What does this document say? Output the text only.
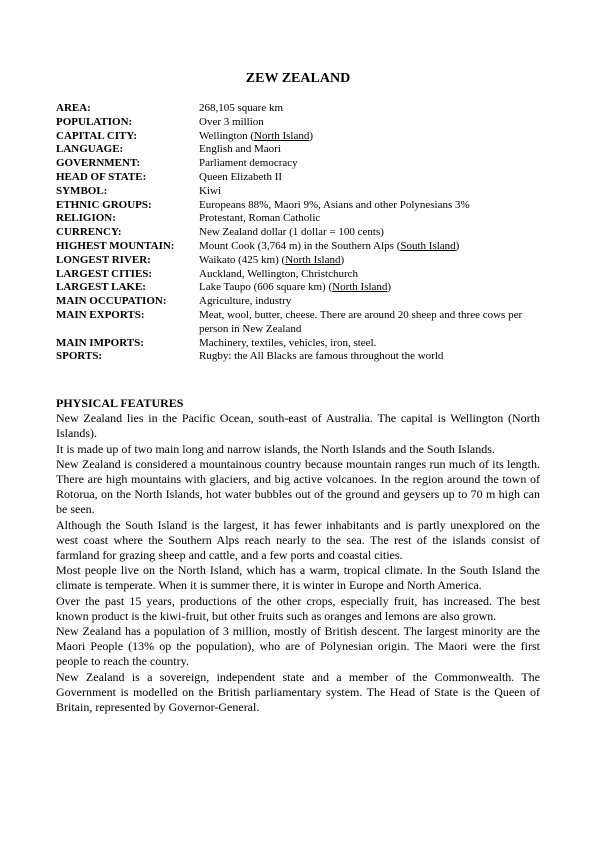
ZEW ZEALAND
AREA:	268,105 square km
POPULATION:	Over 3 million
CAPITAL CITY:	Wellington (North Island)
LANGUAGE:	English and Maori
GOVERNMENT:	Parliament democracy
HEAD OF STATE:	Queen Elizabeth II
SYMBOL:	Kiwi
ETHNIC GROUPS:	Europeans 88%, Maori 9%, Asians and other Polynesians 3%
RELIGION:	Protestant, Roman Catholic
CURRENCY:	New Zealand dollar (1 dollar = 100 cents)
HIGHEST MOUNTAIN:	Mount Cook (3,764 m) in the Southern Alps (South Island)
LONGEST RIVER:	Waikato (425 km) (North Island)
LARGEST CITIES:	Auckland, Wellington, Christchurch
LARGEST LAKE:	Lake Taupo (606 square km) (North Island)
MAIN OCCUPATION:	Agriculture, industry
MAIN EXPORTS:	Meat, wool, butter, cheese. There are around 20 sheep and three cows per person in New Zealand
MAIN IMPORTS:	Machinery, textiles, vehicles, iron, steel.
SPORTS:	Rugby: the All Blacks are famous throughout the world
PHYSICAL FEATURES

New Zealand lies in the Pacific Ocean, south-east of Australia. The capital is Wellington (North Islands).

It is made up of two main long and narrow islands, the North Islands and the South Islands.

New Zealand is considered a mountainous country because mountain ranges run much of its length. There are high mountains with glaciers, and big active volcanoes. In the region around the town of Rotorua, on the North Islands, hot water bubbles out of the ground and geysers up to 70 m high can be seen.

Although the South Island is the largest, it has fewer inhabitants and is partly unexplored on the west coast where the Southern Alps reach nearly to the sea. The rest of the islands consist of farmland for grazing sheep and cattle, and a few ports and coastal cities.

Most people live on the North Island, which has a warm, tropical climate. In the South Island the climate is temperate. When it is summer there, it is winter in Europe and North America.

Over the past 15 years, productions of the other crops, especially fruit, has increased. The best known product is the kiwi-fruit, but other fruits such as oranges and lemons are also grown.

New Zealand has a population of 3 million, mostly of British descent. The largest minority are the Maori People (13% op the population), who are of Polynesian origin. The Maori were the first people to reach the country.

New Zealand is a sovereign, independent state and a member of the Commonwealth. The Government is modelled on the British parliamentary system. The Head of State is the Queen of Britain, represented by Governor-General.
